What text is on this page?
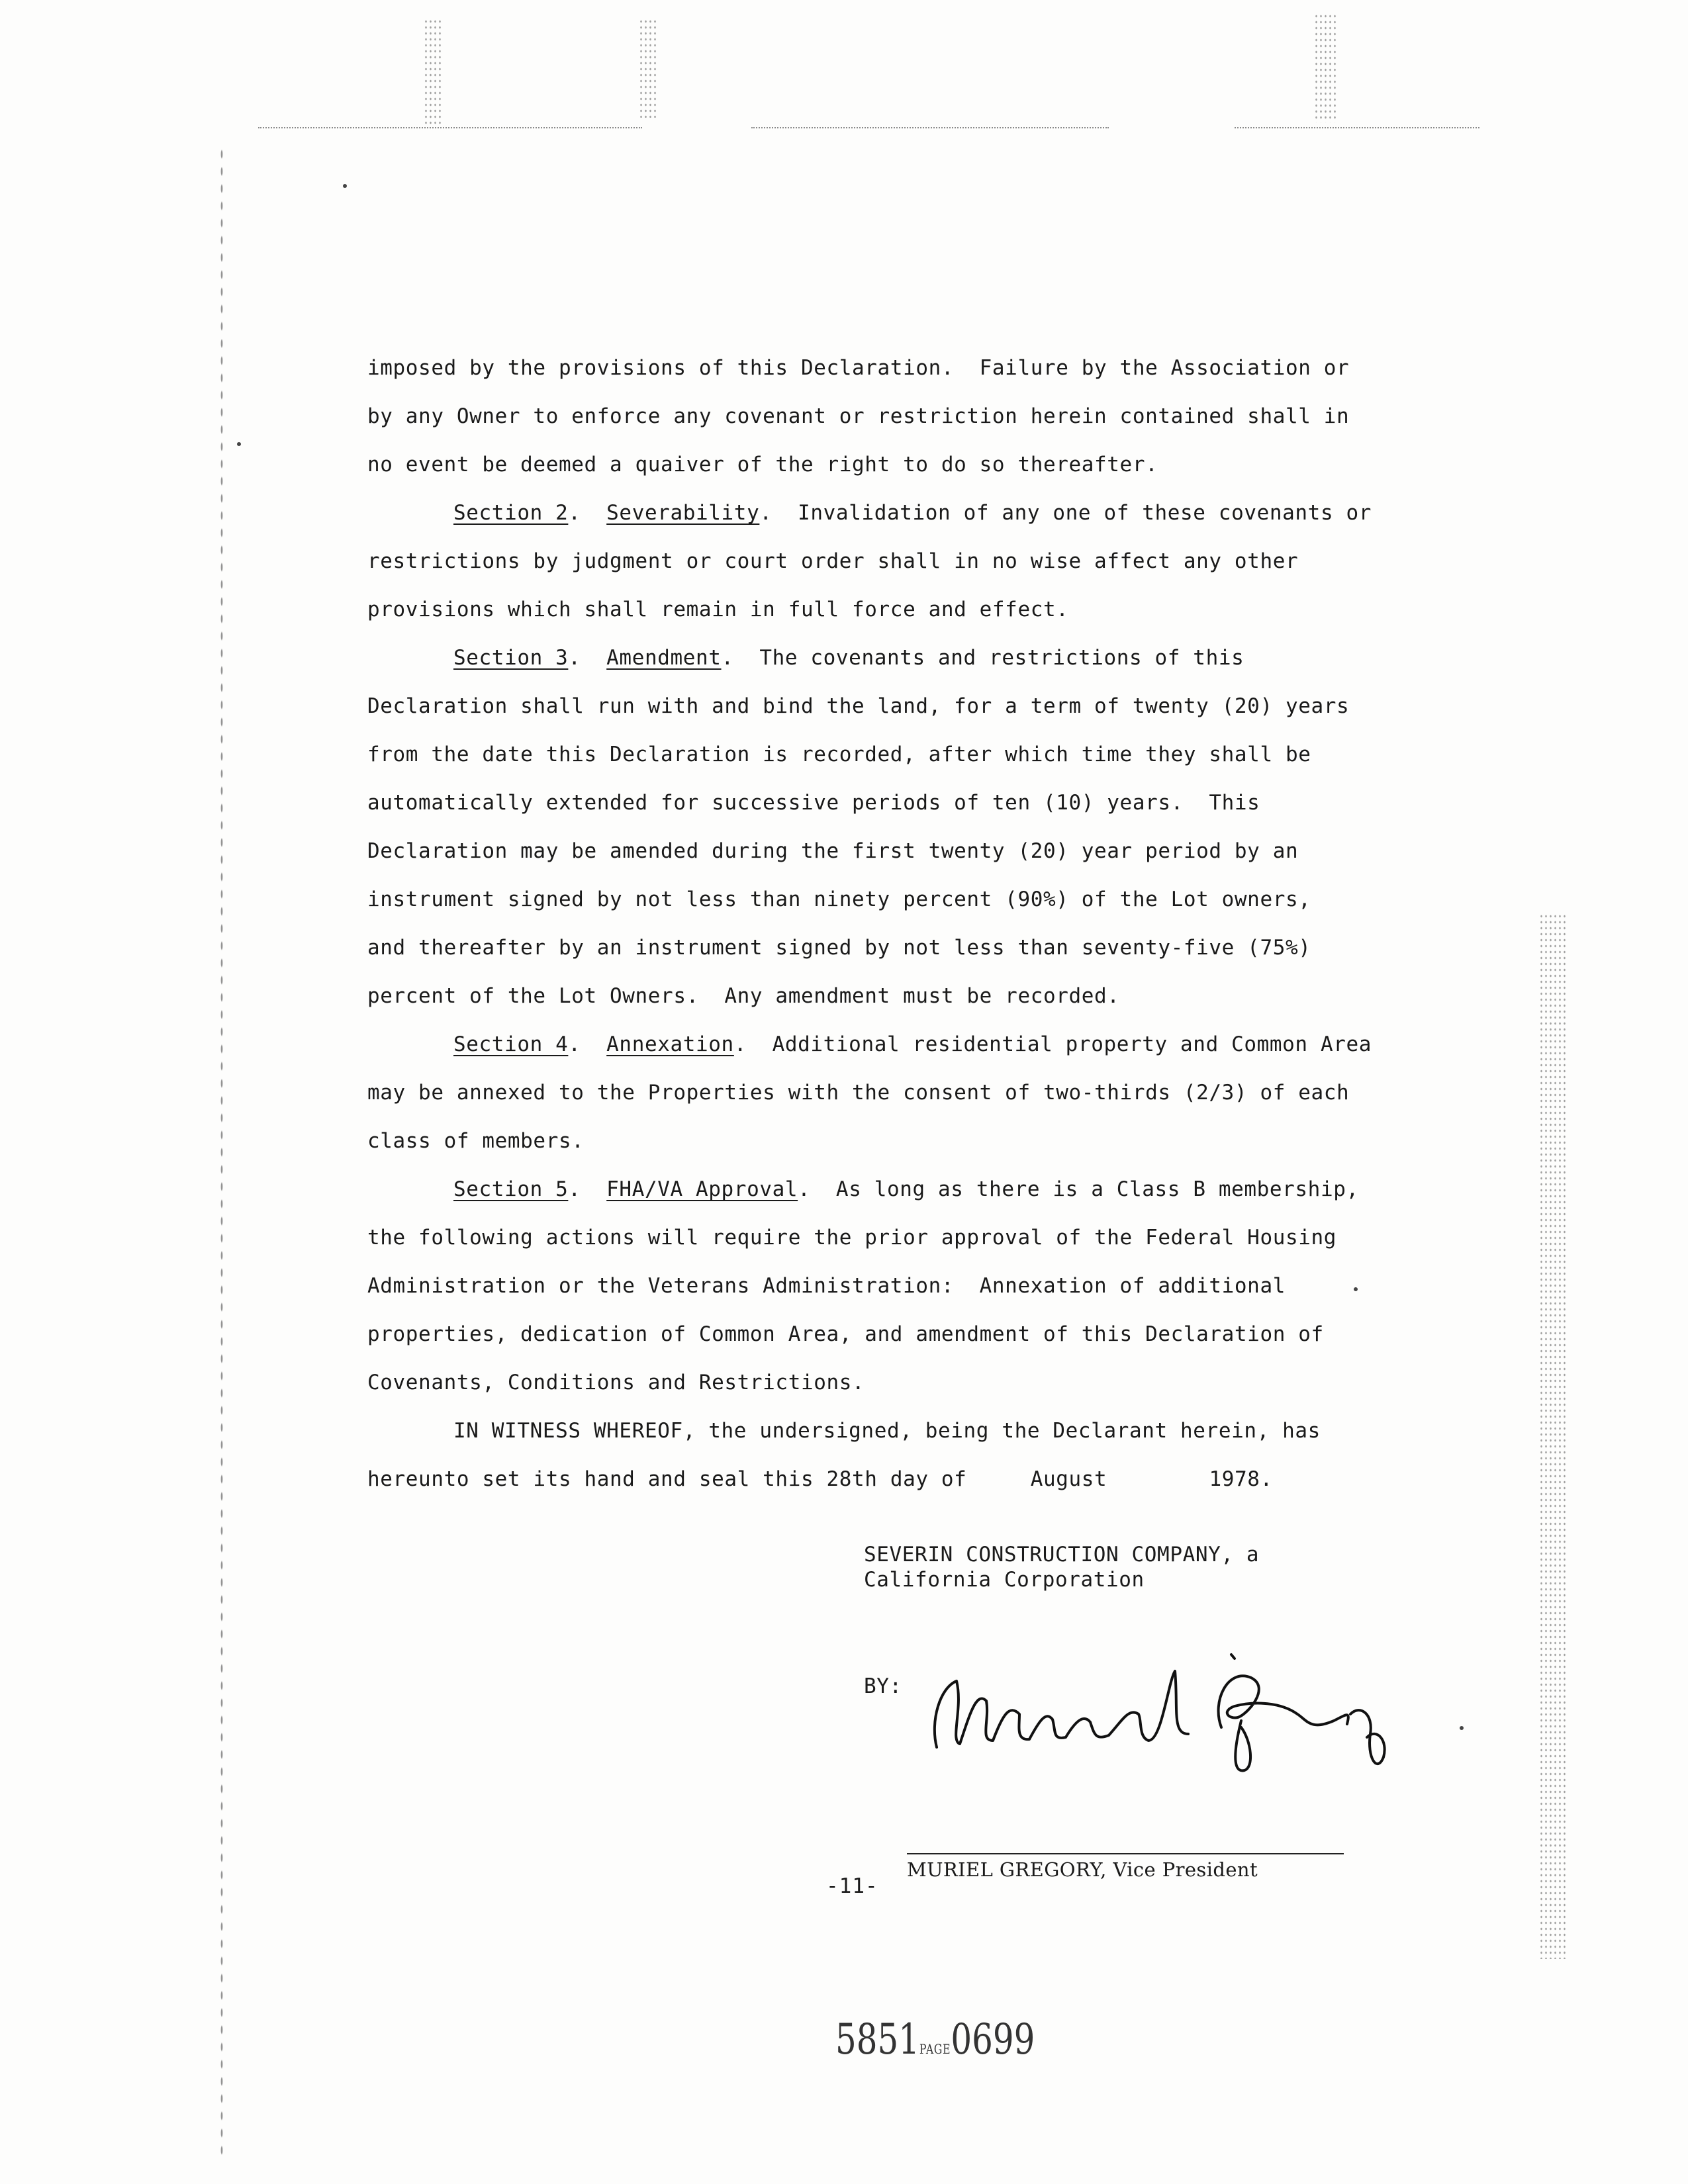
imposed by the provisions of this Declaration.  Failure by the Association or
by any Owner to enforce any covenant or restriction herein contained shall in
no event be deemed a quaiver of the right to do so thereafter.
Section 2.  Severability.  Invalidation of any one of these covenants or
restrictions by judgment or court order shall in no wise affect any other
provisions which shall remain in full force and effect.
Section 3.  Amendment.  The covenants and restrictions of this
Declaration shall run with and bind the land, for a term of twenty (20) years
from the date this Declaration is recorded, after which time they shall be
automatically extended for successive periods of ten (10) years.  This
Declaration may be amended during the first twenty (20) year period by an
instrument signed by not less than ninety percent (90%) of the Lot owners,
and thereafter by an instrument signed by not less than seventy-five (75%)
percent of the Lot Owners.  Any amendment must be recorded.
Section 4.  Annexation.  Additional residential property and Common Area
may be annexed to the Properties with the consent of two-thirds (2/3) of each
class of members.
Section 5.  FHA/VA Approval.  As long as there is a Class B membership,
the following actions will require the prior approval of the Federal Housing
Administration or the Veterans Administration:  Annexation of additional
properties, dedication of Common Area, and amendment of this Declaration of
Covenants, Conditions and Restrictions.
IN WITNESS WHEREOF, the undersigned, being the Declarant herein, has
hereunto set its hand and seal this 28th day of     August	1978.
SEVERIN CONSTRUCTION COMPANY, a
California Corporation
BY:
MURIEL GREGORY, Vice President
-11-
5851PAGE0699
